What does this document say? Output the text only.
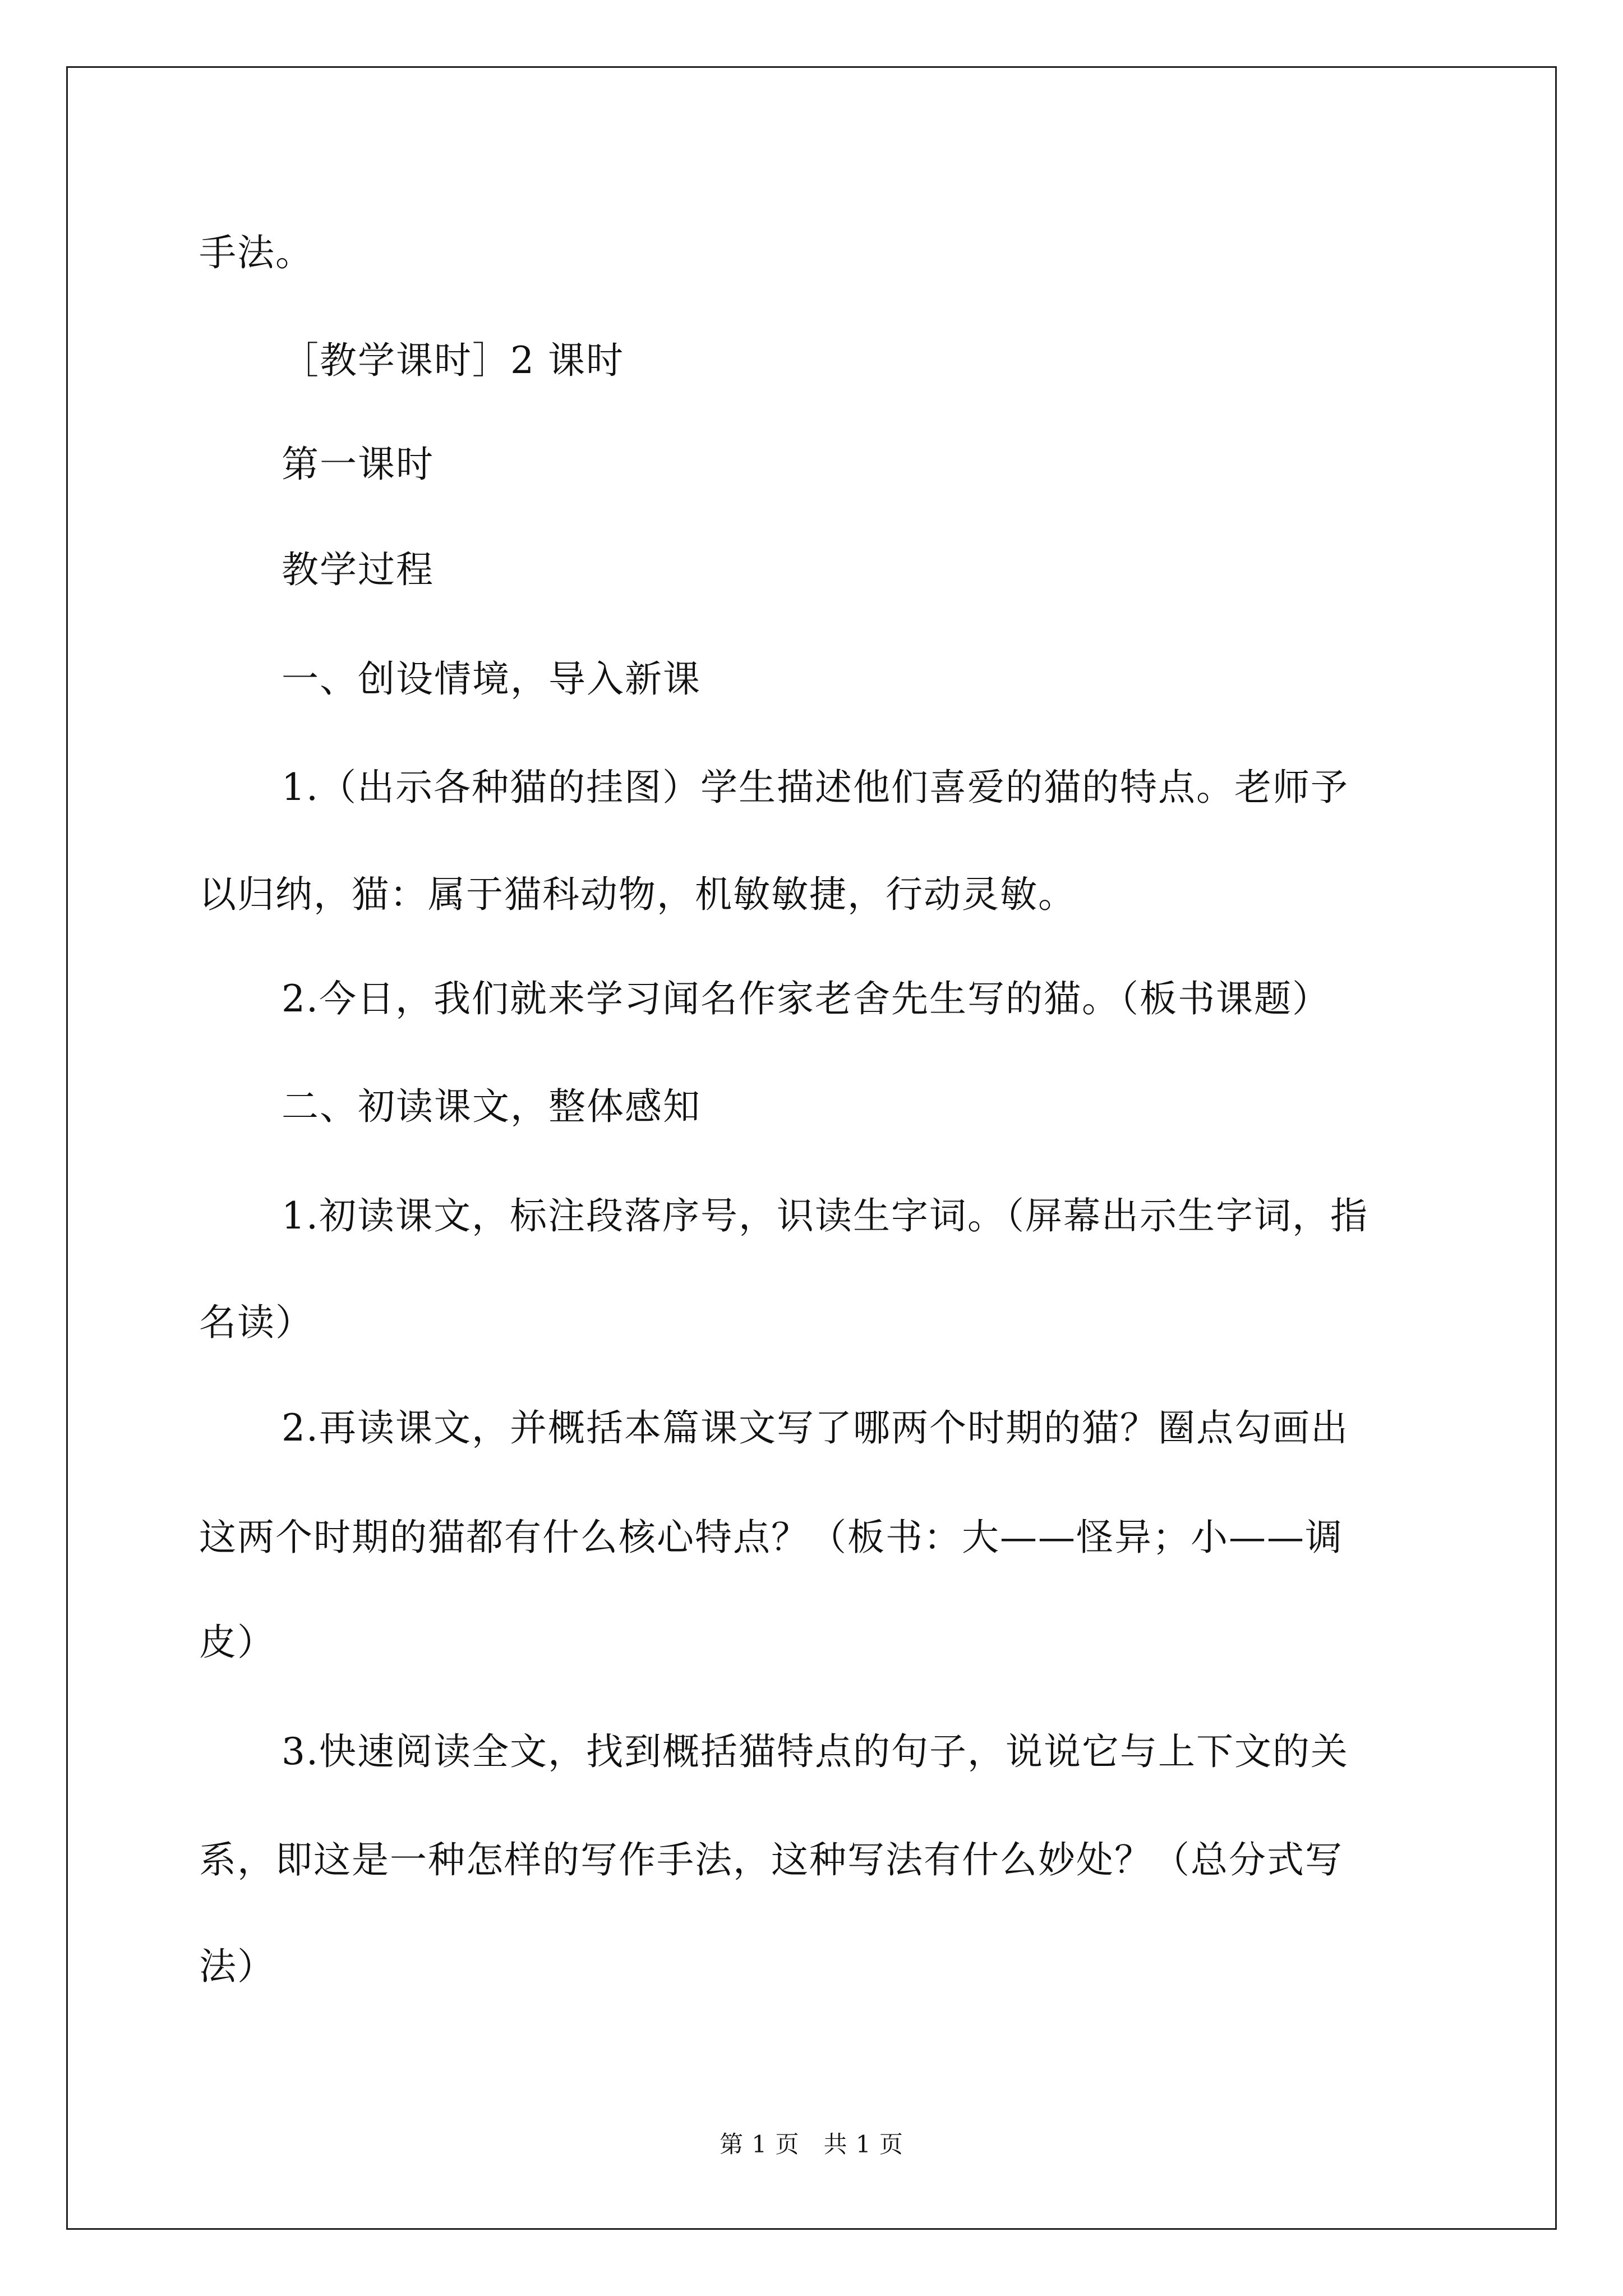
手法。
［教学课时］2 课时
第一课时
教学过程
一、创设情境，导入新课
1.（出示各种猫的挂图）学生描述他们喜爱的猫的特点。老师予
以归纳，猫：属于猫科动物，机敏敏捷，行动灵敏。
2.今日，我们就来学习闻名作家老舍先生写的猫。（板书课题）
二、初读课文，整体感知
1.初读课文，标注段落序号，识读生字词。（屏幕出示生字词，指
名读）
2.再读课文，并概括本篇课文写了哪两个时期的猫？圈点勾画出
这两个时期的猫都有什么核心特点？（板书：大——怪异；小——调
皮）
3.快速阅读全文，找到概括猫特点的句子，说说它与上下文的关
系，即这是一种怎样的写作手法，这种写法有什么妙处？（总分式写
法）
第 1 页　共 1 页
